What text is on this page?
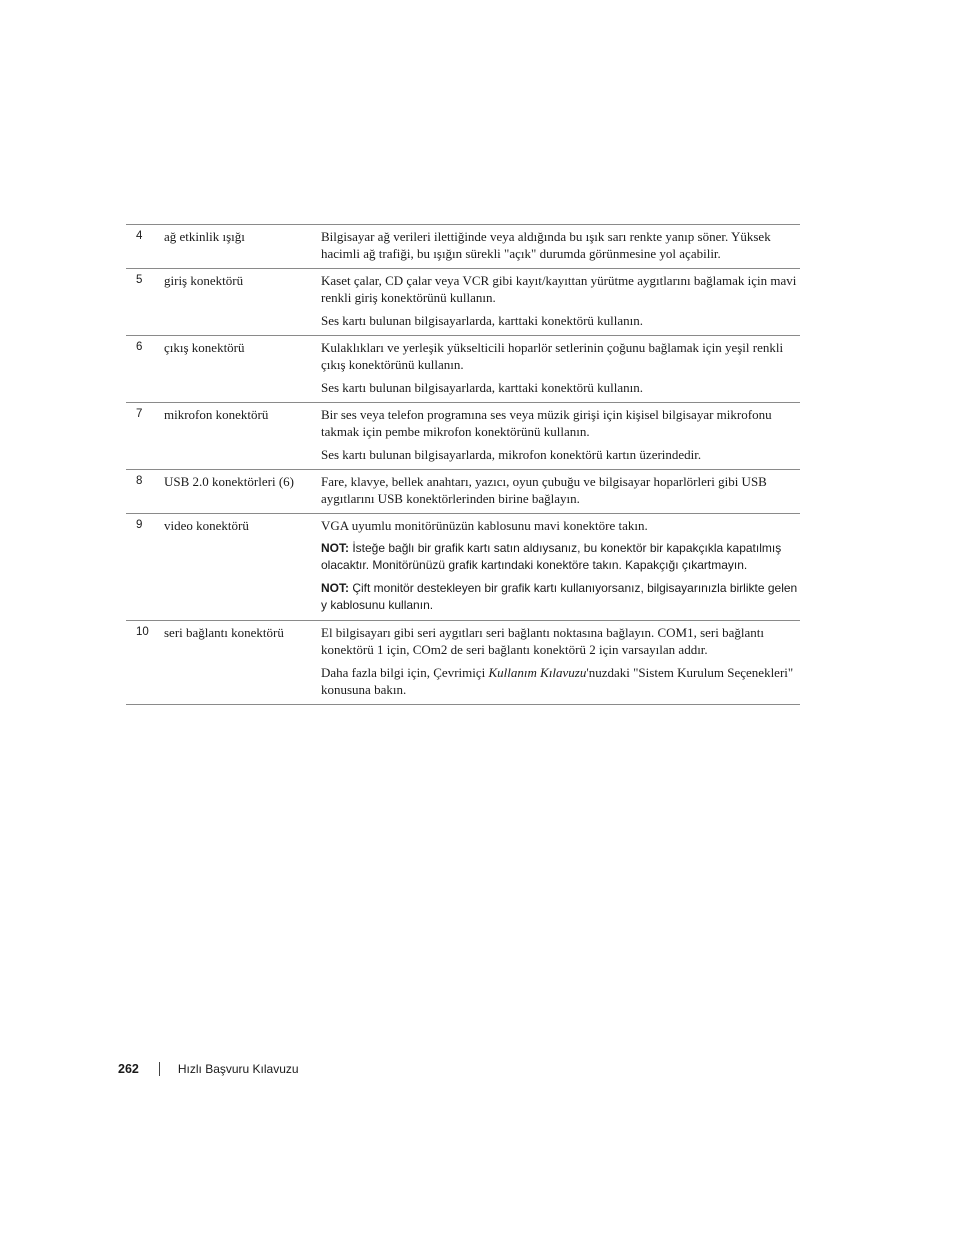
4	ağ etkinlik ışığı	Bilgisayar ağ verileri ilettiğinde veya aldığında bu ışık sarı renkte yanıp söner. Yüksek hacimli ağ trafiği, bu ışığın sürekli "açık" durumda görünmesine yol açabilir.

5	giriş konektörü	Kaset çalar, CD çalar veya VCR gibi kayıt/kayıttan yürütme aygıtlarını bağlamak için mavi renkli giriş konektörünü kullanın.

Ses kartı bulunan bilgisayarlarda, karttaki konektörü kullanın.

6	çıkış konektörü	Kulaklıkları ve yerleşik yükselticili hoparlör setlerinin çoğunu bağlamak için yeşil renkli çıkış konektörünü kullanın.

Ses kartı bulunan bilgisayarlarda, karttaki konektörü kullanın.

7	mikrofon konektörü	Bir ses veya telefon programına ses veya müzik girişi için kişisel bilgisayar mikrofonu takmak için pembe mikrofon konektörünü kullanın.

Ses kartı bulunan bilgisayarlarda, mikrofon konektörü kartın üzerindedir.

8	USB 2.0 konektörleri (6)	Fare, klavye, bellek anahtarı, yazıcı, oyun çubuğu ve bilgisayar hoparlörleri gibi USB aygıtlarını USB konektörlerinden birine bağlayın.

9	video konektörü	VGA uyumlu monitörünüzün kablosunu mavi konektöre takın.

NOT: İsteğe bağlı bir grafik kartı satın aldıysanız, bu konektör bir kapakçıkla kapatılmış olacaktır. Monitörünüzü grafik kartındaki konektöre takın. Kapakçığı çıkartmayın.

NOT: Çift monitör destekleyen bir grafik kartı kullanıyorsanız, bilgisayarınızla birlikte gelen y kablosunu kullanın.

10	seri bağlantı konektörü	El bilgisayarı gibi seri aygıtları seri bağlantı noktasına bağlayın. COM1, seri bağlantı konektörü 1 için, COm2 de seri bağlantı konektörü 2 için varsayılan addır.

Daha fazla bilgi için, Çevrimiçi Kullanım Kılavuzu'nuzdaki "Sistem Kurulum Seçenekleri" konusuna bakın.

262	Hızlı Başvuru Kılavuzu
